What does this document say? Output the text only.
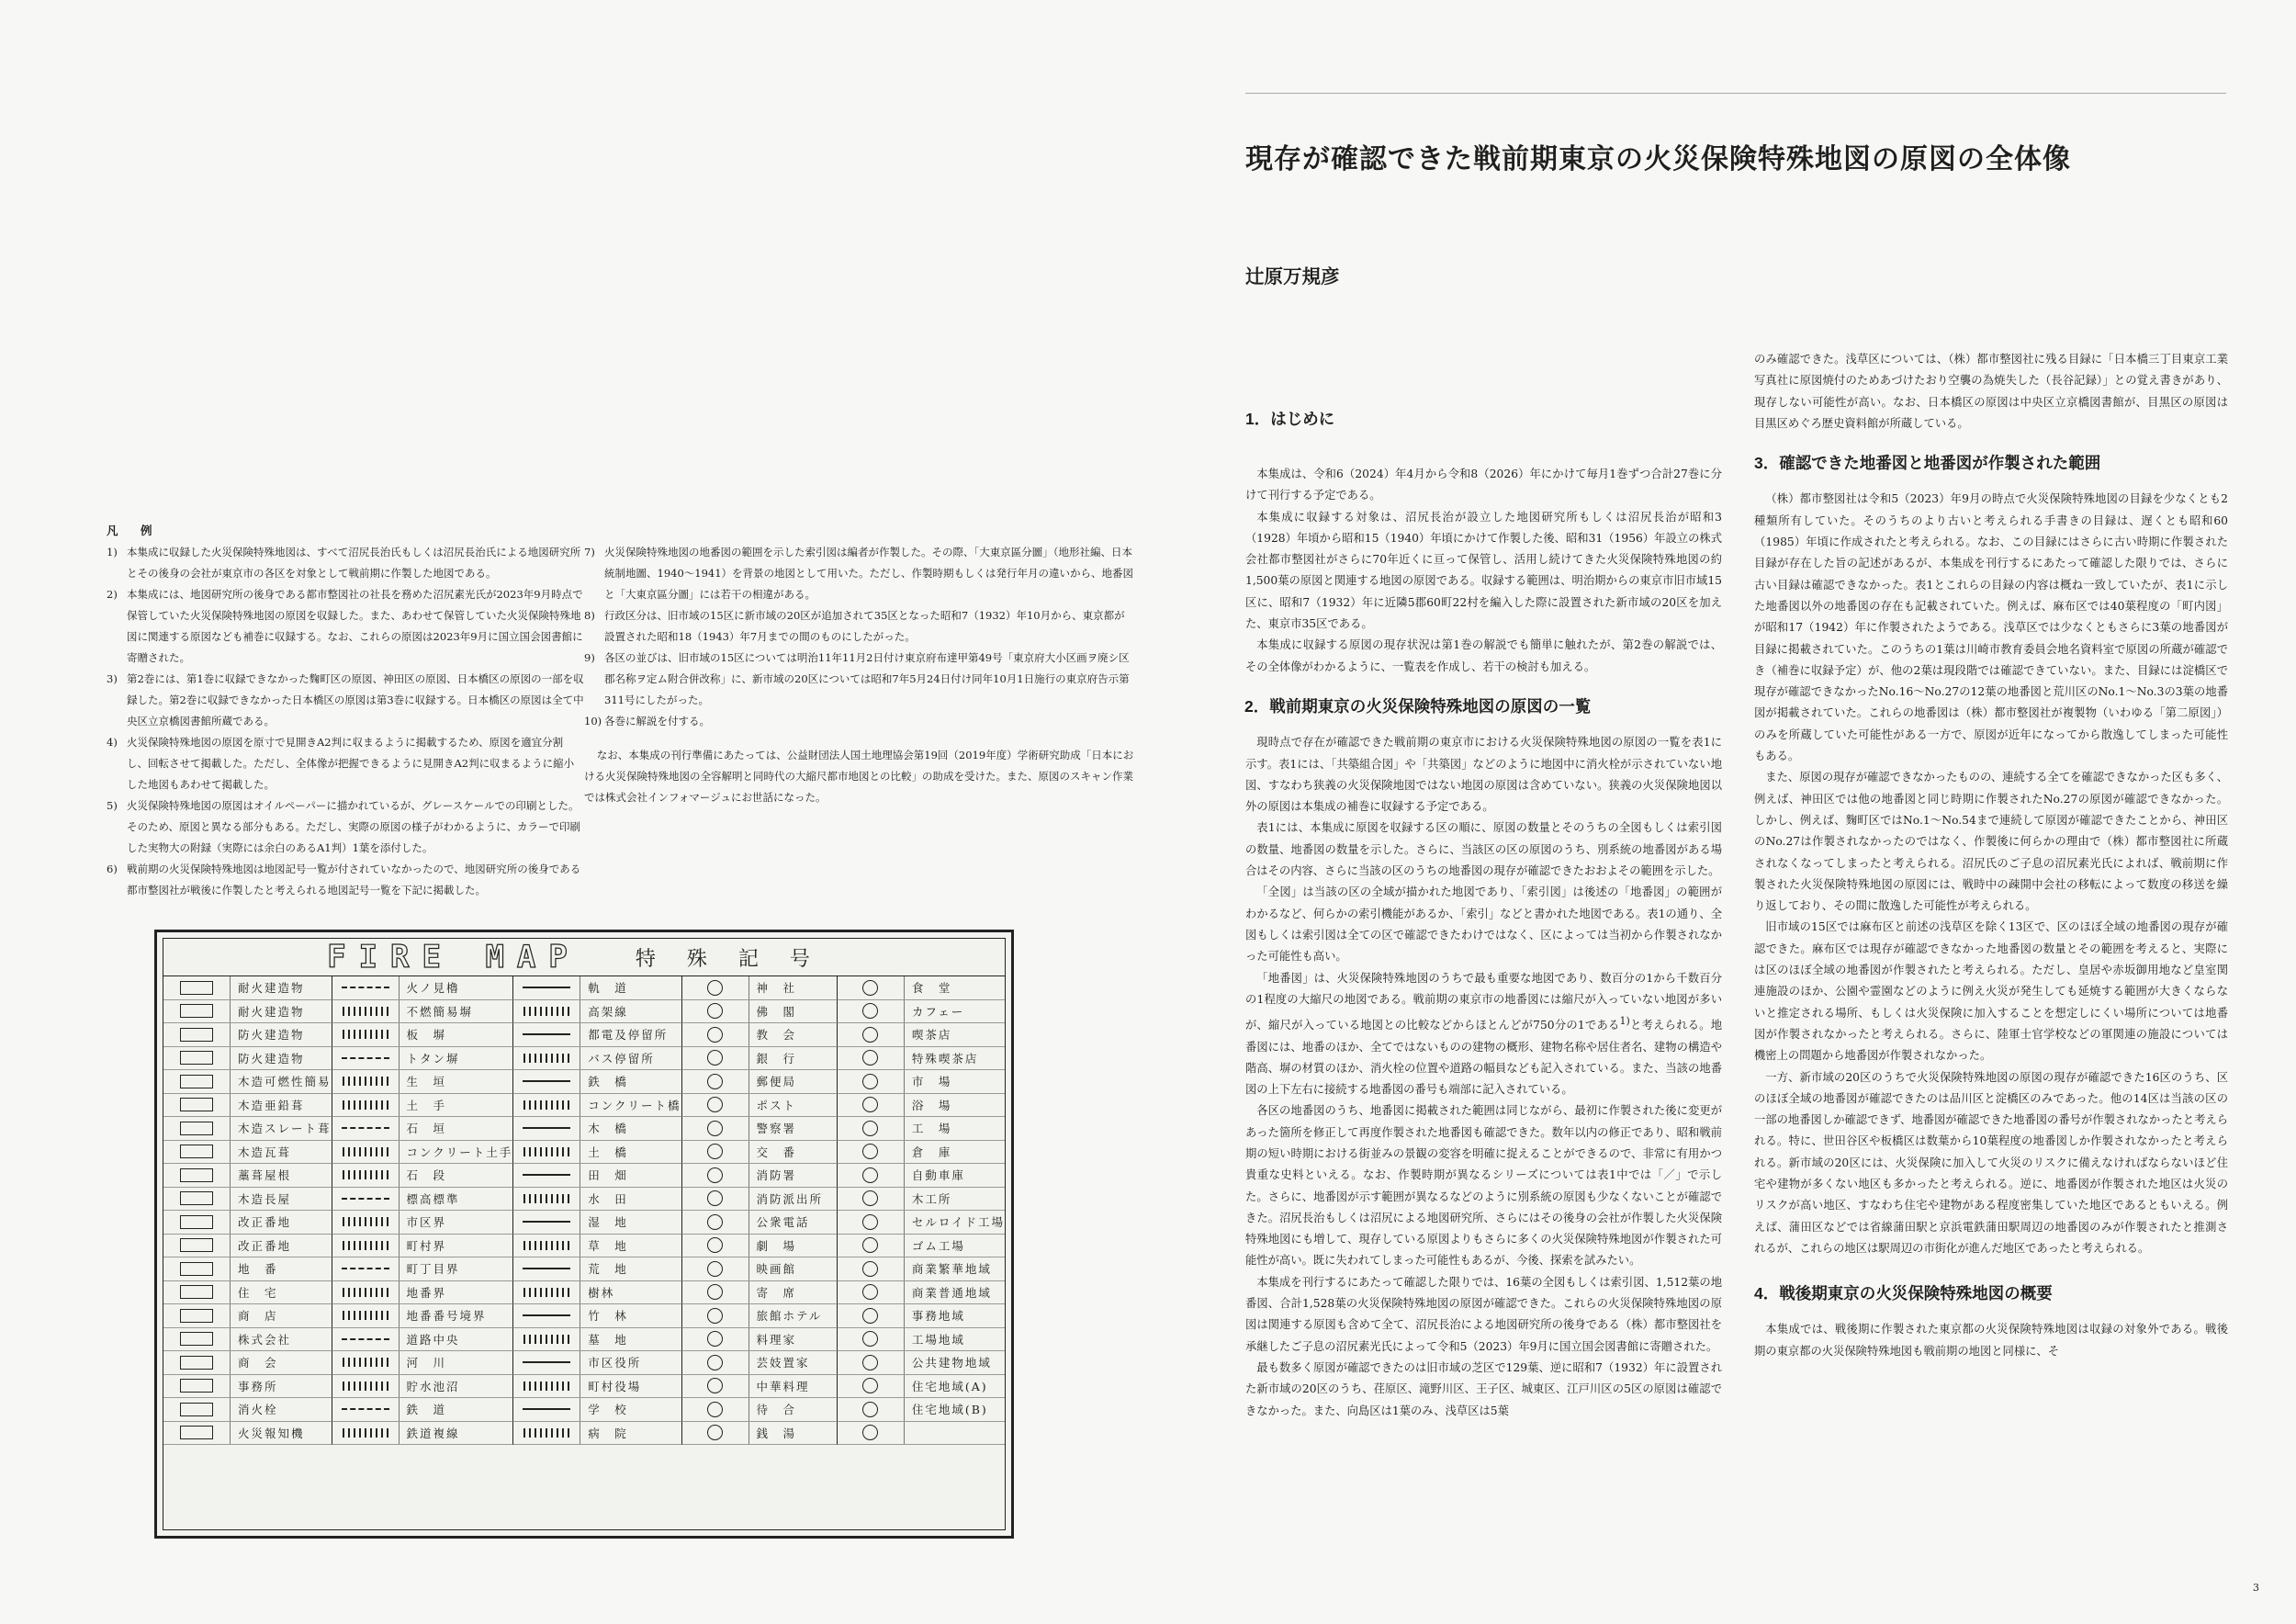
凡　例
1) 本集成に収録した火災保険特殊地図は、すべて沼尻長治氏もしくは沼尻長治氏による地図研究所とその後身の会社が東京市の各区を対象として戦前期に作製した地図である。
2) 本集成には、地図研究所の後身である都市整図社の社長を務めた沼尻素光氏が2023年9月時点で保管していた火災保険特殊地図の原図を収録した。また、あわせて保管していた火災保険特殊地図に関連する原図なども補巻に収録する。なお、これらの原図は2023年9月に国立国会図書館に寄贈された。
3) 第2巻には、第1巻に収録できなかった麴町区の原図、神田区の原図、日本橋区の原図の一部を収録した。第2巻に収録できなかった日本橋区の原図は第3巻に収録する。日本橋区の原図は全て中央区立京橋図書館所蔵である。
4) 火災保険特殊地図の原図を原寸で見開きA2判に収まるように掲載するため、原図を適宜分割し、回転させて掲載した。ただし、全体像が把握できるように見開きA2判に収まるように縮小した地図もあわせて掲載した。
5) 火災保険特殊地図の原図はオイルペーパーに描かれているが、グレースケールでの印刷とした。そのため、原図と異なる部分もある。ただし、実際の原図の様子がわかるように、カラーで印刷した実物大の附録（実際には余白のあるA1判）1葉を添付した。
6) 戦前期の火災保険特殊地図は地図記号一覧が付されていなかったので、地図研究所の後身である都市整図社が戦後に作製したと考えられる地図記号一覧を下記に掲載した。
7) 火災保険特殊地図の地番図の範囲を示した索引図は編者が作製した。その際、「大東京區分圖」（地形社編、日本統制地圖、1940〜1941）を背景の地図として用いた。ただし、作製時期もしくは発行年月の違いから、地番図と「大東京區分圖」には若干の相違がある。
8) 行政区分は、旧市域の15区に新市域の20区が追加されて35区となった昭和7（1932）年10月から、東京都が設置された昭和18（1943）年7月までの間のものにしたがった。
9) 各区の並びは、旧市域の15区については明治11年11月2日付け東京府布達甲第49号「東京府大小区画ヲ廃シ区郡名称ヲ定ム附合併改称」に、新市域の20区については昭和7年5月24日付け同年10月1日施行の東京府告示第311号にしたがった。
10) 各巻に解説を付する。

なお、本集成の刊行準備にあたっては、公益財団法人国土地理協会第19回（2019年度）学術研究助成「日本における火災保険特殊地図の全容解明と同時代の大縮尺都市地図との比較」の助成を受けた。また、原図のスキャン作業では株式会社インフォマージュにお世話になった。

FIRE MAP	特殊記号
耐火建造物	火ノ見櫓	軌　道	神　社	食　堂
耐火建造物	不燃簡易塀	高架線	佛　閣	カフェー
防火建造物	板　塀	都電及停留所	教　会	喫茶店
防火建造物	トタン塀	バス停留所	銀　行	特殊喫茶店
木造可燃性簡易	生　垣	鉄　橋	郵便局	市　場
木造亜鉛葺	土　手	コンクリート橋	ポスト	浴　場
木造スレート葺	石　垣	木　橋	警察署	工　場
木造瓦葺	コンクリート土手	土　橋	交　番	倉　庫
藁葺屋根	石　段	田　畑	消防署	自動車庫
木造長屋	標高標準	水　田	消防派出所	木工所
改正番地	市区界	湿　地	公衆電話	セルロイド工場
改正番地	町村界	草　地	劇　場	ゴム工場
地　番	町丁目界	荒　地	映画館	商業繁華地域
住　宅	地番界	樹林	寄　席	商業普通地域
商　店	地番番号境界	竹　林	旅館ホテル	事務地域
株式会社	道路中央	墓　地	料理家	工場地域
商　会	河　川	市区役所	芸妓置家	公共建物地域
事務所	貯水池沼	町村役場	中華料理	住宅地域(A)
消火栓	鉄　道	学　校	待　合	住宅地域(B)
火災報知機	鉄道複線	病　院	銭　湯

現存が確認できた戦前期東京の火災保険特殊地図の原図の全体像
辻原万規彦
1．はじめに

本集成は、令和6（2024）年4月から令和8（2026）年にかけて毎月1巻ずつ合計27巻に分けて刊行する予定である。

本集成に収録する対象は、沼尻長治が設立した地図研究所もしくは沼尻長治が昭和3（1928）年頃から昭和15（1940）年頃にかけて作製した後、昭和31（1956）年設立の株式会社都市整図社がさらに70年近くに亘って保管し、活用し続けてきた火災保険特殊地図の約1,500葉の原図と関連する地図の原図である。収録する範囲は、明治期からの東京市旧市域15区に、昭和7（1932）年に近隣5郡60町22村を編入した際に設置された新市域の20区を加えた、東京市35区である。

本集成に収録する原図の現存状況は第1巻の解説でも簡単に触れたが、第2巻の解説では、その全体像がわかるように、一覧表を作成し、若干の検討も加える。

2．戦前期東京の火災保険特殊地図の原図の一覧

現時点で存在が確認できた戦前期の東京市における火災保険特殊地図の原図の一覧を表1に示す。表1には、「共築組合図」や「共築図」などのように地図中に消火栓が示されていない地図、すなわち狭義の火災保険地図ではない地図の原図は含めていない。狭義の火災保険地図以外の原図は本集成の補巻に収録する予定である。

表1には、本集成に原図を収録する区の順に、原図の数量とそのうちの全図もしくは索引図の数量、地番図の数量を示した。さらに、当該区の区の原図のうち、別系統の地番図がある場合はその内容、さらに当該の区のうちの地番図の現存が確認できたおおよその範囲を示した。

「全図」は当該の区の全域が描かれた地図であり、「索引図」は後述の「地番図」の範囲がわかるなど、何らかの索引機能があるか、「索引」などと書かれた地図である。表1の通り、全図もしくは索引図は全ての区で確認できたわけではなく、区によっては当初から作製されなかった可能性も高い。

「地番図」は、火災保険特殊地図のうちで最も重要な地図であり、数百分の1から千数百分の1程度の大縮尺の地図である。戦前期の東京市の地番図には縮尺が入っていない地図が多いが、縮尺が入っている地図との比較などからほとんどが750分の1である$^{1)}$と考えられる。地番図には、地番のほか、全てではないものの建物の概形、建物名称や居住者名、建物の構造や階高、塀の材質のほか、消火栓の位置や道路の幅員なども記入されている。また、当該の地番図の上下左右に接続する地番図の番号も端部に記入されている。

各区の地番図のうち、地番図に掲載された範囲は同じながら、最初に作製された後に変更があった箇所を修正して再度作製された地番図も確認できた。数年以内の修正であり、昭和戦前期の短い時期における街並みの景観の変容を明確に捉えることができるので、非常に有用かつ貴重な史料といえる。なお、作製時期が異なるシリーズについては表1中では「／」で示した。さらに、地番図が示す範囲が異なるなどのように別系統の原図も少なくないことが確認できた。沼尻長治もしくは沼尻による地図研究所、さらにはその後身の会社が作製した火災保険特殊地図にも増して、現存している原図よりもさらに多くの火災保険特殊地図が作製された可能性が高い。既に失われてしまった可能性もあるが、今後、探索を試みたい。

本集成を刊行するにあたって確認した限りでは、16葉の全図もしくは索引図、1,512葉の地番図、合計1,528葉の火災保険特殊地図の原図が確認できた。これらの火災保険特殊地図の原図は関連する原図も含めて全て、沼尻長治による地図研究所の後身である（株）都市整図社を承継したご子息の沼尻素光氏によって令和5（2023）年9月に国立国会図書館に寄贈された。

最も数多く原図が確認できたのは旧市域の芝区で129葉、逆に昭和7（1932）年に設置された新市域の20区のうち、荏原区、滝野川区、王子区、城東区、江戸川区の5区の原図は確認できなかった。また、向島区は1葉のみ、浅草区は5葉

のみ確認できた。浅草区については、（株）都市整図社に残る目録に「日本橋三丁目東京工業写真社に原図焼付のためあづけたおり空襲の為焼失した（長谷記録）」との覚え書きがあり、現存しない可能性が高い。なお、日本橋区の原図は中央区立京橋図書館が、目黒区の原図は目黒区めぐろ歴史資料館が所蔵している。

3．確認できた地番図と地番図が作製された範囲

（株）都市整図社は令和5（2023）年9月の時点で火災保険特殊地図の目録を少なくとも2種類所有していた。そのうちのより古いと考えられる手書きの目録は、遅くとも昭和60（1985）年頃に作成されたと考えられる。なお、この目録にはさらに古い時期に作製された目録が存在した旨の記述があるが、本集成を刊行するにあたって確認した限りでは、さらに古い目録は確認できなかった。表1とこれらの目録の内容は概ね一致していたが、表1に示した地番図以外の地番図の存在も記載されていた。例えば、麻布区では40葉程度の「町内図」が昭和17（1942）年に作製されたようである。浅草区では少なくともさらに3葉の地番図が目録に掲載されていた。このうちの1葉は川崎市教育委員会地名資料室で原図の所蔵が確認でき（補巻に収録予定）が、他の2葉は現段階では確認できていない。また、目録には淀橋区で現存が確認できなかったNo.16〜No.27の12葉の地番図と荒川区のNo.1〜No.3の3葉の地番図が掲載されていた。これらの地番図は（株）都市整図社が複製物（いわゆる「第二原図」）のみを所蔵していた可能性がある一方で、原図が近年になってから散逸してしまった可能性もある。

また、原図の現存が確認できなかったものの、連続する全てを確認できなかった区も多く、例えば、神田区では他の地番図と同じ時期に作製されたNo.27の原図が確認できなかった。しかし、例えば、麴町区ではNo.1〜No.54まで連続して原図が確認できたことから、神田区のNo.27は作製されなかったのではなく、作製後に何らかの理由で（株）都市整図社に所蔵されなくなってしまったと考えられる。沼尻氏のご子息の沼尻素光氏によれば、戦前期に作製された火災保険特殊地図の原図には、戦時中の疎開中会社の移転によって数度の移送を繰り返しており、その間に散逸した可能性が考えられる。

旧市域の15区では麻布区と前述の浅草区を除く13区で、区のほぼ全域の地番図の現存が確認できた。麻布区では現存が確認できなかった地番図の数量とその範囲を考えると、実際には区のほぼ全域の地番図が作製されたと考えられる。ただし、皇居や赤坂御用地など皇室関連施設のほか、公園や霊園などのように例え火災が発生しても延焼する範囲が大きくならないと推定される場所、もしくは火災保険に加入することを想定しにくい場所については地番図が作製されなかったと考えられる。さらに、陸軍士官学校などの軍関連の施設については機密上の問題から地番図が作製されなかった。

一方、新市域の20区のうちで火災保険特殊地図の原図の現存が確認できた16区のうち、区のほぼ全域の地番図が確認できたのは品川区と淀橋区のみであった。他の14区は当該の区の一部の地番図しか確認できず、地番図が確認できた地番図の番号が作製されなかったと考えられる。特に、世田谷区や板橋区は数葉から10葉程度の地番図しか作製されなかったと考えられる。新市域の20区には、火災保険に加入して火災のリスクに備えなければならないほど住宅や建物が多くない地区も多かったと考えられる。逆に、地番図が作製された地区は火災のリスクが高い地区、すなわち住宅や建物がある程度密集していた地区であるともいえる。例えば、蒲田区などでは省線蒲田駅と京浜電鉄蒲田駅周辺の地番図のみが作製されたと推測されるが、これらの地区は駅周辺の市街化が進んだ地区であったと考えられる。

4．戦後期東京の火災保険特殊地図の概要

本集成では、戦後期に作製された東京都の火災保険特殊地図は収録の対象外である。戦後期の東京都の火災保険特殊地図も戦前期の地図と同様に、そ

3
